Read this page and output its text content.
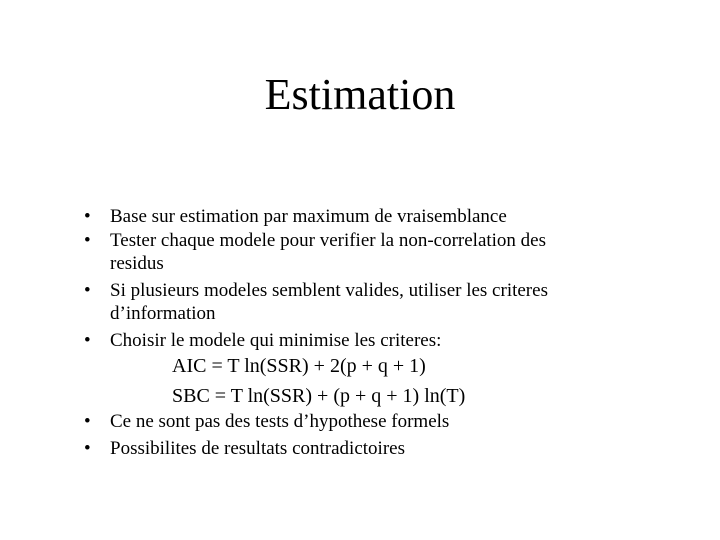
Estimation
• Base sur estimation par maximum de vraisemblance
• Tester chaque modele pour verifier la non-correlation des residus
• Si plusieurs modeles semblent valides, utiliser les criteres d’information
• Choisir le modele qui minimise les criteres:
AIC = T ln(SSR) + 2(p + q + 1)
SBC = T ln(SSR) + (p + q + 1) ln(T)
• Ce ne sont pas des tests d’hypothese formels
• Possibilites de resultats contradictoires
